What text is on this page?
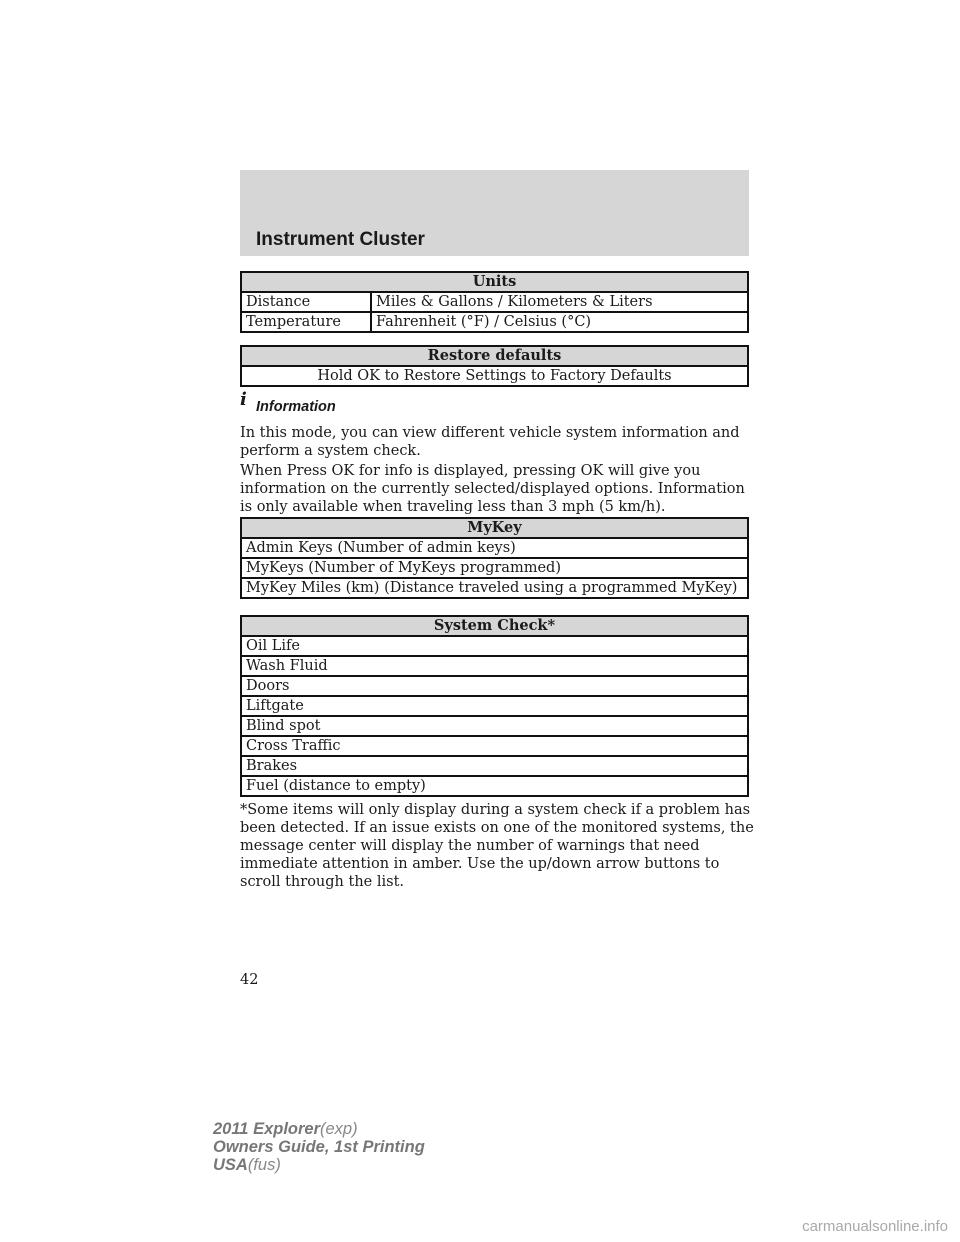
Instrument Cluster
Units	
Distance	Miles & Gallons / Kilometers & Liters
Temperature	Fahrenheit (°F) / Celsius (°C)
Restore defaults
Hold OK to Restore Settings to Factory Defaults
i Information

In this mode, you can view different vehicle system information and perform a system check.

When Press OK for info is displayed, pressing OK will give you information on the currently selected/displayed options. Information is only available when traveling less than 3 mph (5 km/h).

MyKey
Admin Keys (Number of admin keys)
MyKeys (Number of MyKeys programmed)
MyKey Miles (km) (Distance traveled using a programmed MyKey)
System Check*
Oil Life
Wash Fluid
Doors
Liftgate
Blind spot
Cross Traffic
Brakes
Fuel (distance to empty)

*Some items will only display during a system check if a problem has been detected. If an issue exists on one of the monitored systems, the message center will display the number of warnings that need immediate attention in amber. Use the up/down arrow buttons to scroll through the list.

42
2011 Explorer(exp)
Owners Guide, 1st Printing
USA(fus)
carmanualsonline.info
